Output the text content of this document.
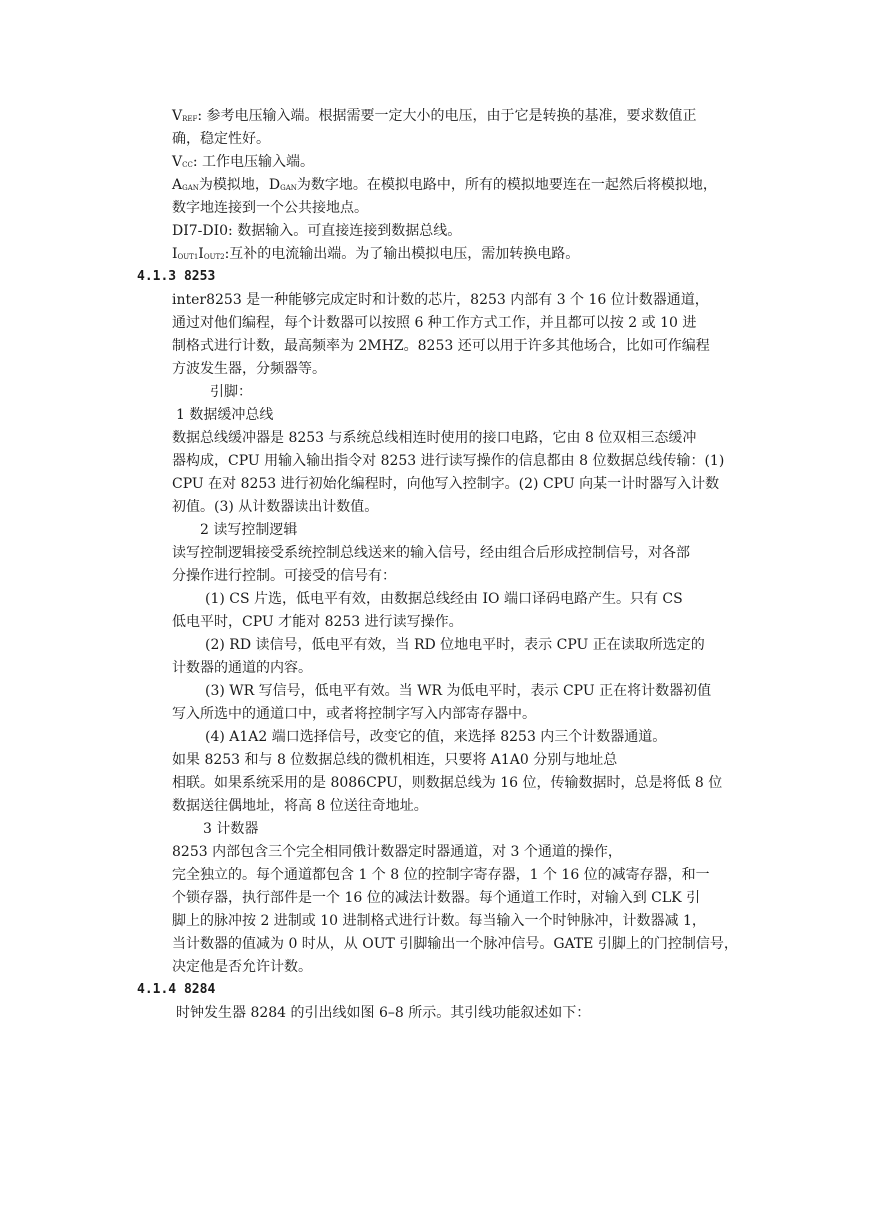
VREF: 参考电压输入端。根据需要一定大小的电压，由于它是转换的基准，要求数值正
确，稳定性好。
VCC: 工作电压输入端。
AGAN为模拟地，DGAN为数字地。在模拟电路中，所有的模拟地要连在一起然后将模拟地，
数字地连接到一个公共接地点。
DI7-DI0: 数据输入。可直接连接到数据总线。
IOUT1IOUT2:互补的电流输出端。为了输出模拟电压，需加转换电路。
4.1.3 8253
inter8253 是一种能够完成定时和计数的芯片，8253 内部有 3 个 16 位计数器通道，
通过对他们编程，每个计数器可以按照 6 种工作方式工作，并且都可以按 2 或 10 进
制格式进行计数，最高频率为 2MHZ。8253 还可以用于许多其他场合，比如可作编程
方波发生器，分频器等。
引脚：
1 数据缓冲总线
数据总线缓冲器是 8253 与系统总线相连时使用的接口电路，它由 8 位双相三态缓冲
器构成，CPU 用输入输出指令对 8253 进行读写操作的信息都由 8 位数据总线传输：(1)
CPU 在对 8253 进行初始化编程时，向他写入控制字。(2) CPU 向某一计时器写入计数
初值。(3) 从计数器读出计数值。
2 读写控制逻辑
读写控制逻辑接受系统控制总线送来的输入信号，经由组合后形成控制信号，对各部
分操作进行控制。可接受的信号有：
(1) CS 片选，低电平有效，由数据总线经由 IO 端口译码电路产生。只有 CS
低电平时，CPU 才能对 8253 进行读写操作。
(2) RD 读信号，低电平有效，当 RD 位地电平时，表示 CPU 正在读取所选定的
计数器的通道的内容。
(3) WR 写信号，低电平有效。当 WR 为低电平时，表示 CPU 正在将计数器初值
写入所选中的通道口中，或者将控制字写入内部寄存器中。
(4) A1A2 端口选择信号，改变它的值，来选择 8253 内三个计数器通道。
如果 8253 和与 8 位数据总线的微机相连，只要将 A1A0 分别与地址总
相联。如果系统采用的是 8086CPU，则数据总线为 16 位，传输数据时，总是将低 8 位
数据送往偶地址，将高 8 位送往奇地址。
3 计数器
8253 内部包含三个完全相同俄计数器定时器通道，对 3 个通道的操作，
完全独立的。每个通道都包含 1 个 8 位的控制字寄存器，1 个 16 位的减寄存器，和一
个锁存器，执行部件是一个 16 位的减法计数器。每个通道工作时，对输入到 CLK 引
脚上的脉冲按 2 进制或 10 进制格式进行计数。每当输入一个时钟脉冲，计数器减 1，
当计数器的值减为 0 时从，从 OUT 引脚输出一个脉冲信号。GATE 引脚上的门控制信号，
决定他是否允许计数。
4.1.4 8284
时钟发生器 8284 的引出线如图 6–8 所示。其引线功能叙述如下：
